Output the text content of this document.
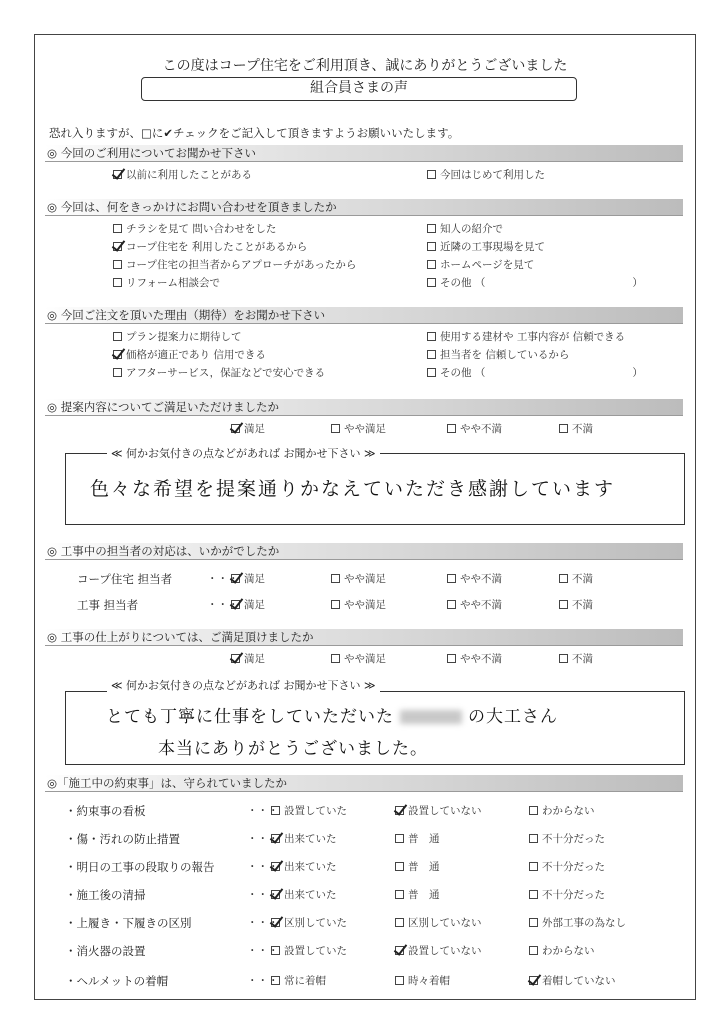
この度はコープ住宅をご利用頂き、誠にありがとうございました
組合員さまの声
恐れ入りますが、□に✔チェックをご記入して頂きますようお願いいたします。
◎ 今回のご利用についてお聞かせ下さい
以前に利用したことがある	今回はじめて利用した
◎ 今回は、何をきっかけにお問い合わせを頂きましたか
チラシを見て 問い合わせをした
コープ住宅を 利用したことがあるから
コープ住宅の担当者からアプローチがあったから
リフォーム相談会で
知人の紹介で
近隣の工事現場を見て
ホームページを見て
その他 （　　　　　　　　　　　　　　）
◎ 今回ご注文を頂いた理由（期待）をお聞かせ下さい
プラン提案力に期待して
価格が適正であり 信用できる
アフターサービス，保証などで安心できる
使用する建材や 工事内容が 信頼できる
担当者を 信頼しているから
その他 （　　　　　　　　　　　　　　）
◎ 提案内容についてご満足いただけましたか
満足	やや満足	やや不満	不満
色々な希望を提案通りかなえていただき感謝しています
≪ 何かお気付きの点などがあれば お聞かせ下さい ≫
◎ 工事中の担当者の対応は、いかがでしたか
コープ住宅 担当者	・・・ 満足	やや満足	やや不満	不満
工事 担当者	・・・ 満足	やや満足	やや不満	不満
◎ 工事の仕上がりについては、ご満足頂けましたか
満足	やや満足	やや不満	不満
とても丁寧に仕事をしていただいた	の大工さん
本当にありがとうございました。
≪ 何かお気付きの点などがあれば お聞かせ下さい ≫
◎「施工中の約束事」は、守られていましたか
・約束事の看板	・・・ 設置していた	設置していない	わからない
・傷・汚れの防止措置	・・・ 出来ていた	普　通	不十分だった
・明日の工事の段取りの報告	・・・ 出来ていた	普　通	不十分だった
・施工後の清掃	・・・ 出来ていた	普　通	不十分だった
・上履き・下履きの区別	・・・ 区別していた	区別していない	外部工事の為なし
・消火器の設置	・・・ 設置していた	設置していない	わからない
・ヘルメットの着帽	・・・ 常に着帽	時々着帽	着帽していない
